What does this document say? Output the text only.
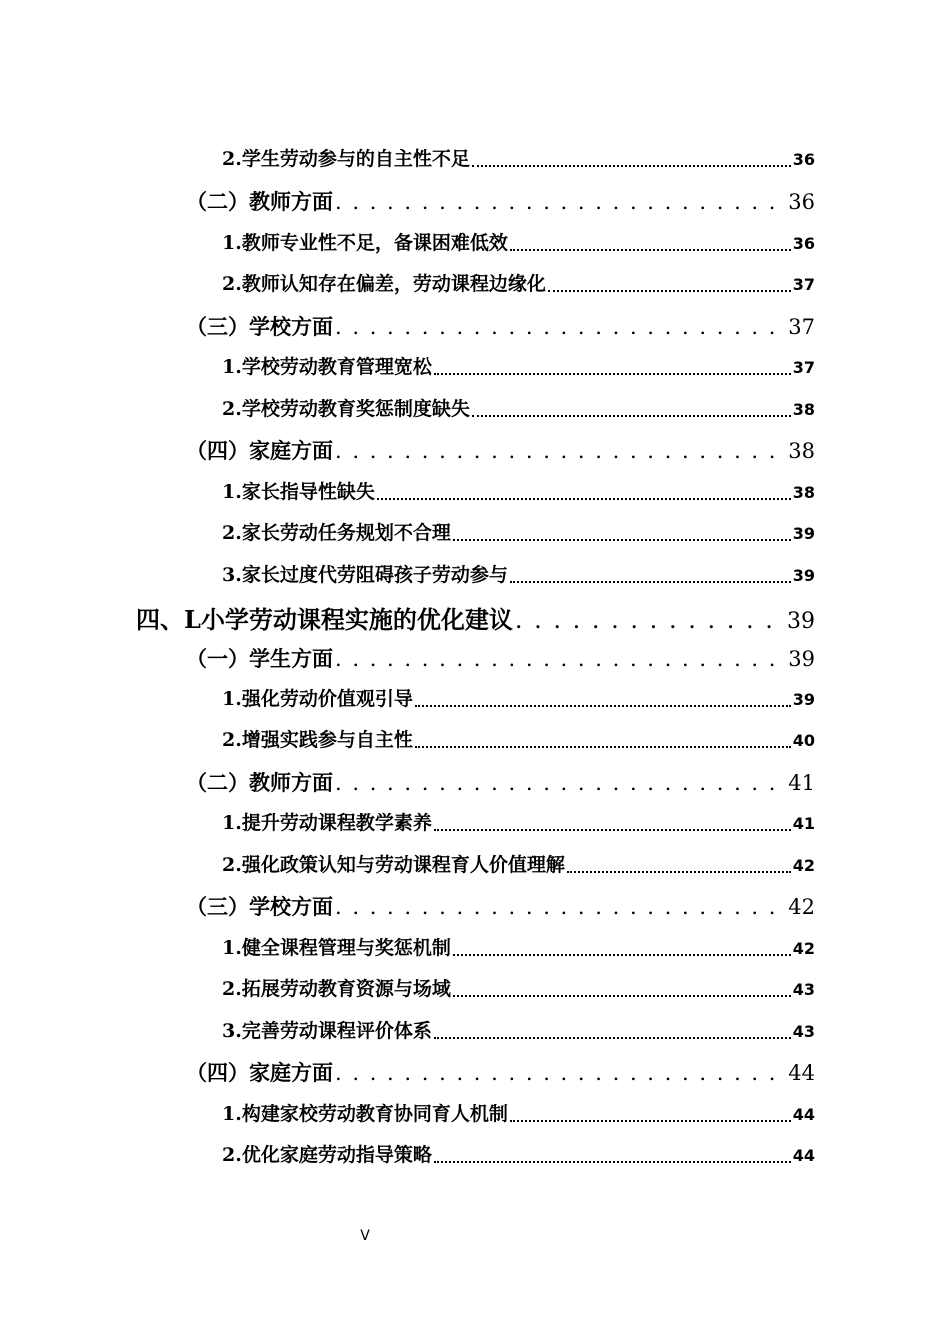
2.学生劳动参与的自主性不足	36
（二）教师方面 . . .	36
1.教师专业性不足，备课困难低效	36
2.教师认知存在偏差，劳动课程边缘化	37
（三）学校方面 . . .	37
1.学校劳动教育管理宽松	37
2.学校劳动教育奖惩制度缺失	38
（四）家庭方面 . . .	38
1.家长指导性缺失	38
2.家长劳动任务规划不合理	39
3.家长过度代劳阻碍孩子劳动参与	39
四、L小学劳动课程实施的优化建议 . . .	39
（一）学生方面 . . .	39
1.强化劳动价值观引导	39
2.增强实践参与自主性	40
（二）教师方面 . . .	41
1.提升劳动课程教学素养	41
2.强化政策认知与劳动课程育人价值理解	42
（三）学校方面 . . .	42
1.健全课程管理与奖惩机制	42
2.拓展劳动教育资源与场域	43
3.完善劳动课程评价体系	43
（四）家庭方面 . . .	44
1.构建家校劳动教育协同育人机制	44
2.优化家庭劳动指导策略	44
V
